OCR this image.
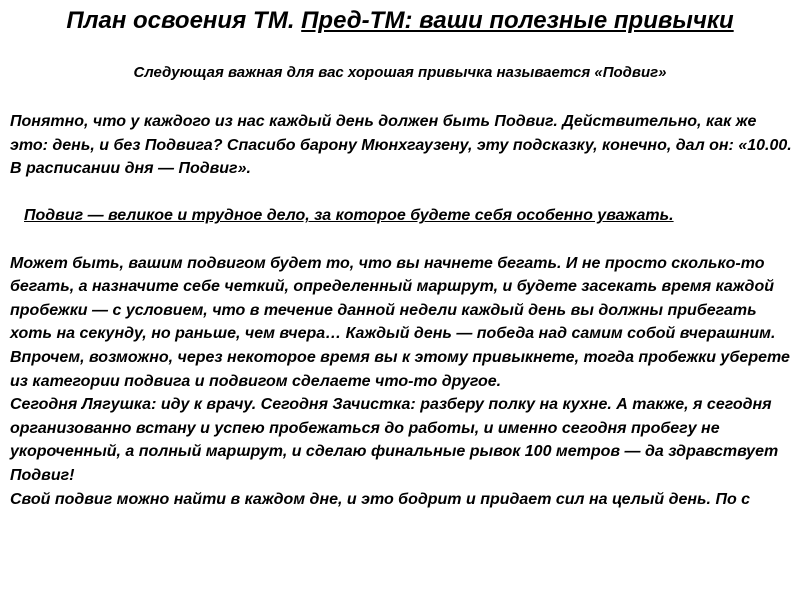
План освоения ТМ. Пред-ТМ: ваши полезные привычки

Следующая важная для вас хорошая привычка называется «Подвиг»

Понятно, что у каждого из нас каждый день должен быть Подвиг. Действительно, как же это: день, и без Подвига? Спасибо барону Мюнхгаузену, эту подсказку, конечно, дал он: «10.00. В расписании дня — Подвиг».

Подвиг — великое и трудное дело, за которое будете себя особенно уважать.

Может быть, вашим подвигом будет то, что вы начнете бегать. И не просто сколько-то бегать, а назначите себе четкий, определенный маршрут, и будете засекать время каждой пробежки — с условием, что в течение данной недели каждый день вы должны прибегать хоть на секунду, но раньше, чем вчера… Каждый день — победа над самим собой вчерашним. Впрочем, возможно, через некоторое время вы к этому привыкнете, тогда пробежки уберете из категории подвига и подвигом сделаете что-то другое.

Сегодня Лягушка: иду к врачу. Сегодня Зачистка: разберу полку на кухне. А также, я сегодня организованно встану и успею пробежаться до работы, и именно сегодня пробегу не укороченный, а полный маршрут, и сделаю финальные рывок 100 метров — да здравствует Подвиг!

Свой подвиг можно найти в каждом дне, и это бодрит и придает сил на целый день. По с
